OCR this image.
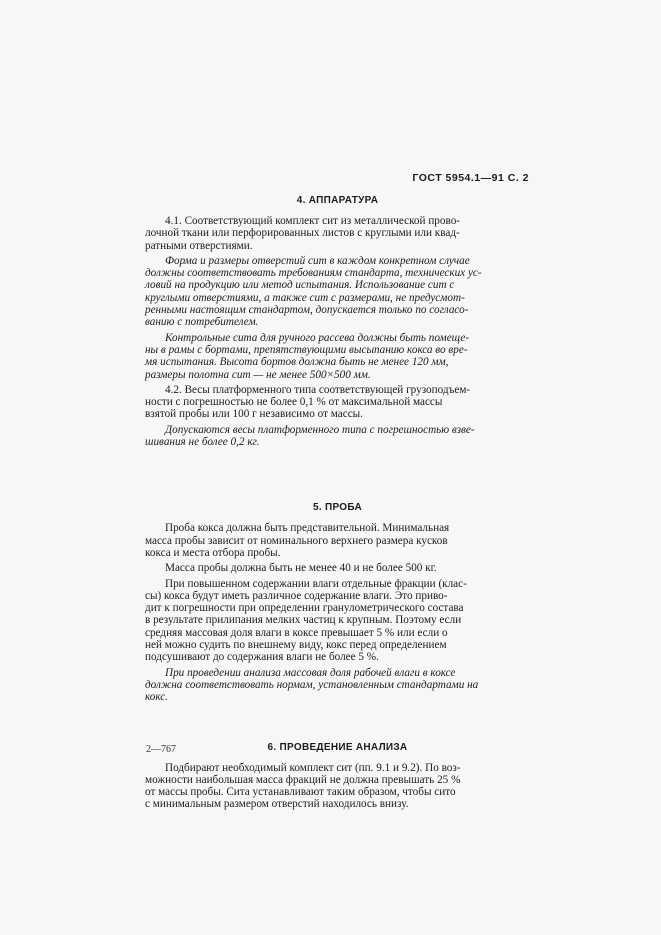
ГОСТ 5954.1—91 С. 2
4. АППАРАТУРА

4.1. Соответствующий комплект сит из металлической прово-
лочной ткани или перфорированных листов с круглыми или квад-
ратными отверстиями.

Форма и размеры отверстий сит в каждом конкретном случае
должны соответствовать требованиям стандарта, технических ус-
ловий на продукцию или метод испытания. Использование сит с
круглыми отверстиями, а также сит с размерами, не предусмот-
ренными настоящим стандартом, допускается только по согласо-
ванию с потребителем.

Контрольные сита для ручного рассева должны быть помеще-
ны в рамы с бортами, препятствующими высыпанию кокса во вре-
мя испытания. Высота бортов должна быть не менее 120 мм,
размеры полотна сит — не менее 500×500 мм.

4.2. Весы платформенного типа соответствующей грузоподъем-
ности с погрешностью не более 0,1 % от максимальной массы
взятой пробы или 100 г независимо от массы.

Допускаются весы платформенного типа с погрешностью взве-
шивания не более 0,2 кг.

5. ПРОБА

Проба кокса должна быть представительной. Минимальная
масса пробы зависит от номинального верхнего размера кусков
кокса и места отбора пробы.

Масса пробы должна быть не менее 40 и не более 500 кг.

При повышенном содержании влаги отдельные фракции (клас-
сы) кокса будут иметь различное содержание влаги. Это приво-
дит к погрешности при определении гранулометрического состава
в результате прилипания мелких частиц к крупным. Поэтому если
средняя массовая доля влаги в коксе превышает 5 % или если о
ней можно судить по внешнему виду, кокс перед определением
подсушивают до содержания влаги не более 5 %.

При проведении анализа массовая доля рабочей влаги в коксе
должна соответствовать нормам, установленным стандартами на
кокс.

6. ПРОВЕДЕНИЕ АНАЛИЗА

Подбирают необходимый комплект сит (пп. 9.1 и 9.2). По воз-
можности наибольшая масса фракций не должна превышать 25 %
от массы пробы. Сита устанавливают таким образом, чтобы сито
с минимальным размером отверстий находилось внизу.

2—767
